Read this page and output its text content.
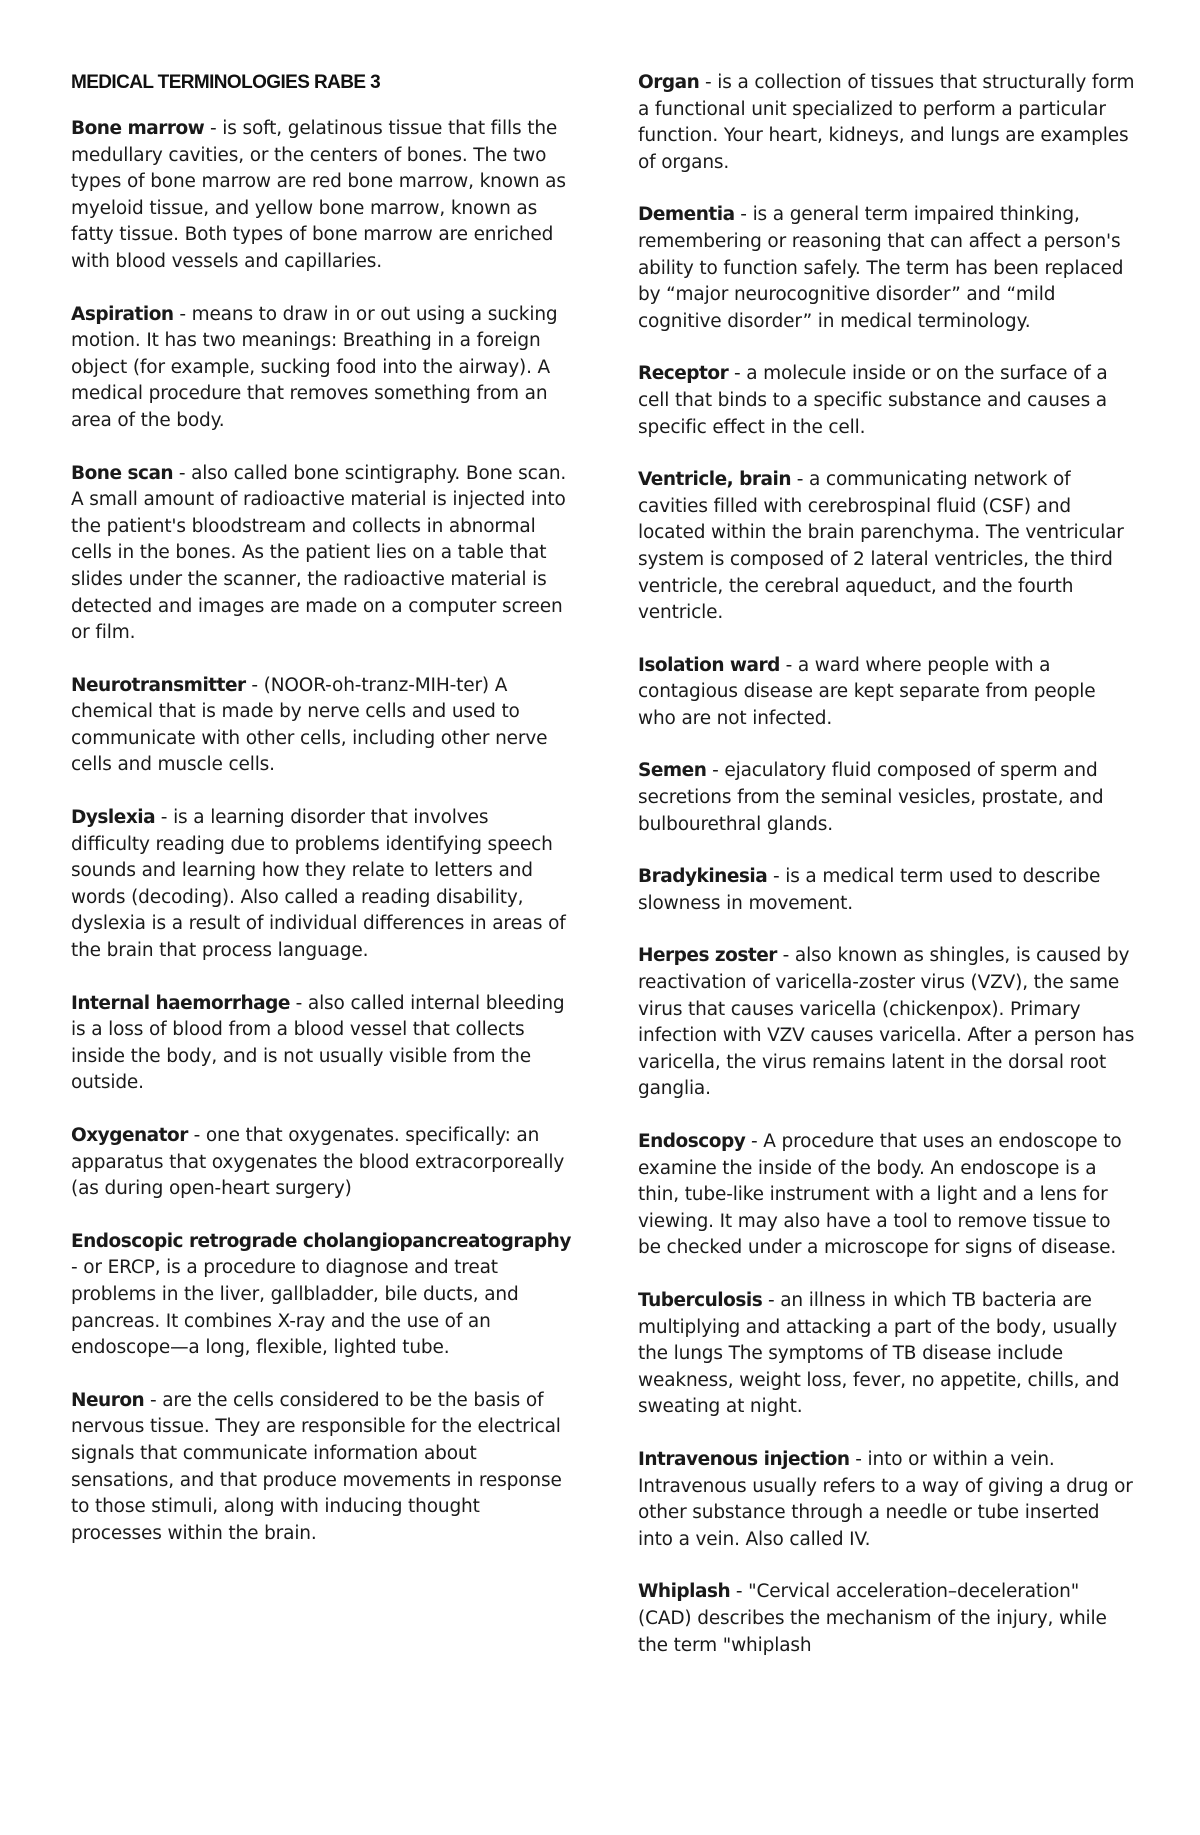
MEDICAL TERMINOLOGIES RABE 3

Bone marrow - is soft, gelatinous tissue that fills the medullary cavities, or the centers of bones. The two types of bone marrow are red bone marrow, known as myeloid tissue, and yellow bone marrow, known as fatty tissue. Both types of bone marrow are enriched with blood vessels and capillaries.

Aspiration - means to draw in or out using a sucking motion. It has two meanings: Breathing in a foreign object (for example, sucking food into the airway). A medical procedure that removes something from an area of the body.

Bone scan - also called bone scintigraphy. Bone scan. A small amount of radioactive material is injected into the patient's bloodstream and collects in abnormal cells in the bones. As the patient lies on a table that slides under the scanner, the radioactive material is detected and images are made on a computer screen or film.

Neurotransmitter - (NOOR-oh-tranz-MIH-ter) A chemical that is made by nerve cells and used to communicate with other cells, including other nerve cells and muscle cells.

Dyslexia - is a learning disorder that involves difficulty reading due to problems identifying speech sounds and learning how they relate to letters and words (decoding). Also called a reading disability, dyslexia is a result of individual differences in areas of the brain that process language.

Internal haemorrhage - also called internal bleeding is a loss of blood from a blood vessel that collects inside the body, and is not usually visible from the outside.

Oxygenator - one that oxygenates. specifically: an apparatus that oxygenates the blood extracorporeally (as during open-heart surgery)

Endoscopic retrograde cholangiopancreatography - or ERCP, is a procedure to diagnose and treat problems in the liver, gallbladder, bile ducts, and pancreas. It combines X-ray and the use of an endoscope—a long, flexible, lighted tube.

Neuron - are the cells considered to be the basis of nervous tissue. They are responsible for the electrical signals that communicate information about sensations, and that produce movements in response to those stimuli, along with inducing thought processes within the brain.

Organ - is a collection of tissues that structurally form a functional unit specialized to perform a particular function. Your heart, kidneys, and lungs are examples of organs.

Dementia - is a general term impaired thinking, remembering or reasoning that can affect a person's ability to function safely. The term has been replaced by “major neurocognitive disorder” and “mild cognitive disorder” in medical terminology.

Receptor - a molecule inside or on the surface of a cell that binds to a specific substance and causes a specific effect in the cell.

Ventricle, brain - a communicating network of cavities filled with cerebrospinal fluid (CSF) and located within the brain parenchyma. The ventricular system is composed of 2 lateral ventricles, the third ventricle, the cerebral aqueduct, and the fourth ventricle.

Isolation ward - a ward where people with a contagious disease are kept separate from people who are not infected.

Semen - ejaculatory fluid composed of sperm and secretions from the seminal vesicles, prostate, and bulbourethral glands.

Bradykinesia - is a medical term used to describe slowness in movement.

Herpes zoster - also known as shingles, is caused by reactivation of varicella-zoster virus (VZV), the same virus that causes varicella (chickenpox). Primary infection with VZV causes varicella. After a person has varicella, the virus remains latent in the dorsal root ganglia.

Endoscopy - A procedure that uses an endoscope to examine the inside of the body. An endoscope is a thin, tube-like instrument with a light and a lens for viewing. It may also have a tool to remove tissue to be checked under a microscope for signs of disease.

Tuberculosis - an illness in which TB bacteria are multiplying and attacking a part of the body, usually the lungs The symptoms of TB disease include weakness, weight loss, fever, no appetite, chills, and sweating at night.

Intravenous injection - into or within a vein. Intravenous usually refers to a way of giving a drug or other substance through a needle or tube inserted into a vein. Also called IV.

Whiplash - "Cervical acceleration–deceleration" (CAD) describes the mechanism of the injury, while the term "whiplash
